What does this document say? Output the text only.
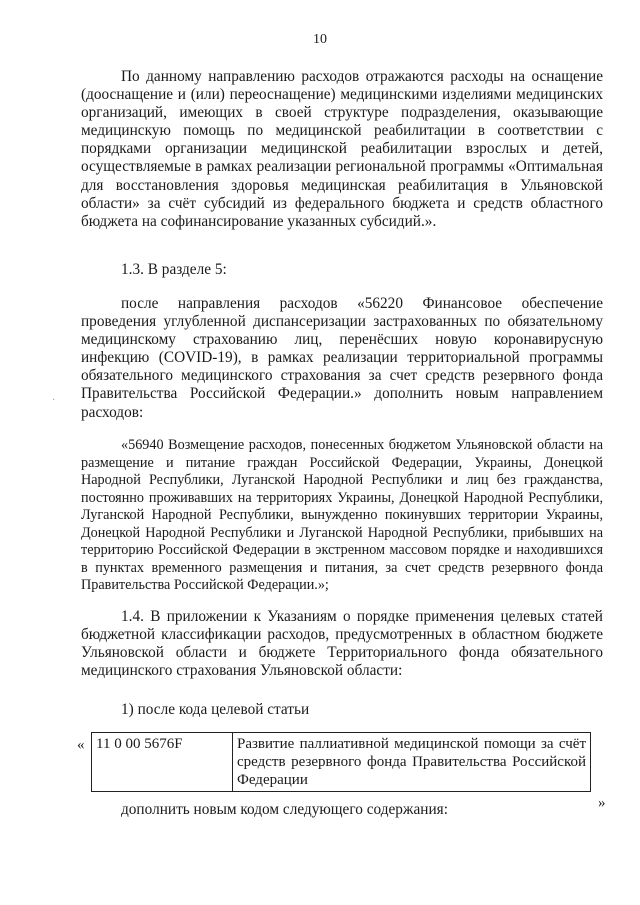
10
·

По данному направлению расходов отражаются расходы на оснащение (дооснащение и (или) переоснащение) медицинскими изделиями медицинских организаций, имеющих в своей структуре подразделения, оказывающие медицинскую помощь по медицинской реабилитации в соответствии с порядками организации медицинской реабилитации взрослых и детей, осуществляемые в рамках реализации региональной программы «Оптимальная для восстановления здоровья медицинская реабилитация в Ульяновской области» за счёт субсидий из федерального бюджета и средств областного бюджета на софинансирование указанных субсидий.».

1.3. В разделе 5:

после направления расходов «56220 Финансовое обеспечение проведения углубленной диспансеризации застрахованных по обязательному медицинскому страхованию лиц, перенёсших новую коронавирусную инфекцию (COVID-19), в рамках реализации территориальной программы обязательного медицинского страхования за счет средств резервного фонда Правительства Российской Федерации.» дополнить новым направлением расходов:

«56940 Возмещение расходов, понесенных бюджетом Ульяновской области на размещение и питание граждан Российской Федерации, Украины, Донецкой Народной Республики, Луганской Народной Республики и лиц без гражданства, постоянно проживавших на территориях Украины, Донецкой Народной Республики, Луганской Народной Республики, вынужденно покинувших территории Украины, Донецкой Народной Республики и Луганской Народной Республики, прибывших на территорию Российской Федерации в экстренном массовом порядке и находившихся в пунктах временного размещения и питания, за счет средств резервного фонда Правительства Российской Федерации.»;

1.4. В приложении к Указаниям о порядке применения целевых статей бюджетной классификации расходов, предусмотренных в областном бюджете Ульяновской области и бюджете Территориального фонда обязательного медицинского страхования Ульяновской области:

1) после кода целевой статьи

« 11 0 00 5676F	Развитие паллиативной медицинской помощи за счёт средств резервного фонда Правительства Российской Федерации
»

дополнить новым кодом следующего содержания:
